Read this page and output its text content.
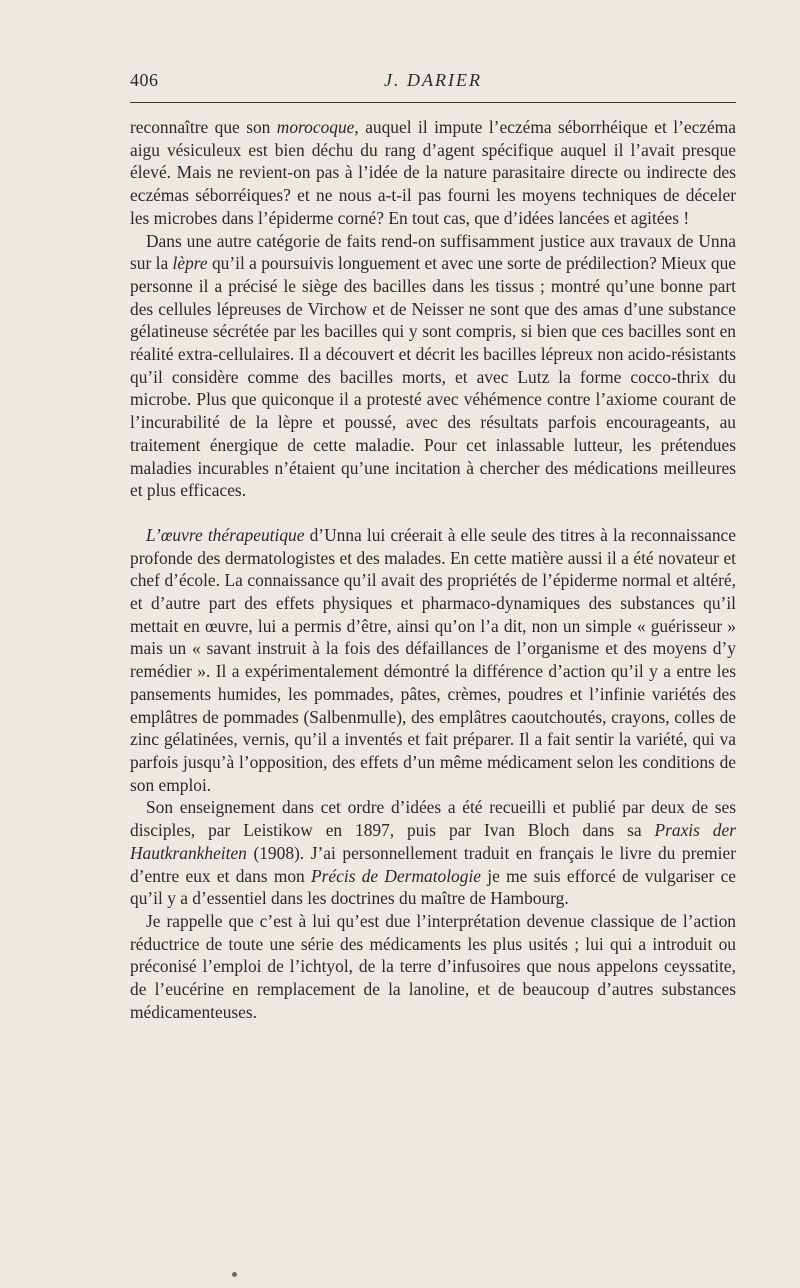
406	J. DARIER

reconnaître que son morocoque, auquel il impute l’eczéma séborrhéique et l’eczéma aigu vésiculeux est bien déchu du rang d’agent spécifique auquel il l’avait presque élevé. Mais ne revient-on pas à l’idée de la nature parasitaire directe ou indirecte des eczémas séborréiques? et ne nous a-t-il pas fourni les moyens techniques de déceler les microbes dans l’épiderme corné? En tout cas, que d’idées lancées et agitées !

Dans une autre catégorie de faits rend-on suffisamment justice aux travaux de Unna sur la lèpre qu’il a poursuivis longuement et avec une sorte de prédilection? Mieux que personne il a précisé le siège des bacilles dans les tissus ; montré qu’une bonne part des cellules lépreuses de Virchow et de Neisser ne sont que des amas d’une substance gélatineuse sécrétée par les bacilles qui y sont compris, si bien que ces bacilles sont en réalité extra-cellulaires. Il a découvert et décrit les bacilles lépreux non acido-résistants qu’il considère comme des bacilles morts, et avec Lutz la forme cocco-thrix du microbe. Plus que quiconque il a protesté avec véhémence contre l’axiome courant de l’incurabilité de la lèpre et poussé, avec des résultats parfois encourageants, au traitement énergique de cette maladie. Pour cet inlassable lutteur, les prétendues maladies incurables n’étaient qu’une incitation à chercher des médications meilleures et plus efficaces.

L’œuvre thérapeutique d’Unna lui créerait à elle seule des titres à la reconnaissance profonde des dermatologistes et des malades. En cette matière aussi il a été novateur et chef d’école. La connaissance qu’il avait des propriétés de l’épiderme normal et altéré, et d’autre part des effets physiques et pharmaco-dynamiques des substances qu’il mettait en œuvre, lui a permis d’être, ainsi qu’on l’a dit, non un simple « guérisseur » mais un « savant instruit à la fois des défaillances de l’organisme et des moyens d’y remédier ». Il a expérimentalement démontré la différence d’action qu’il y a entre les pansements humides, les pommades, pâtes, crèmes, poudres et l’infinie variétés des emplâtres de pommades (Salbenmulle), des emplâtres caoutchoutés, crayons, colles de zinc gélatinées, vernis, qu’il a inventés et fait préparer. Il a fait sentir la variété, qui va parfois jusqu’à l’opposition, des effets d’un même médicament selon les conditions de son emploi.

Son enseignement dans cet ordre d’idées a été recueilli et publié par deux de ses disciples, par Leistikow en 1897, puis par Ivan Bloch dans sa Praxis der Hautkrankheiten (1908). J’ai personnellement traduit en français le livre du premier d’entre eux et dans mon Précis de Dermatologie je me suis efforcé de vulgariser ce qu’il y a d’essentiel dans les doctrines du maître de Hambourg.

Je rappelle que c’est à lui qu’est due l’interprétation devenue classique de l’action réductrice de toute une série des médicaments les plus usités ; lui qui a introduit ou préconisé l’emploi de l’ichtyol, de la terre d’infusoires que nous appelons ceyssatite, de l’eucérine en remplacement de la lanoline, et de beaucoup d’autres substances médicamenteuses.
